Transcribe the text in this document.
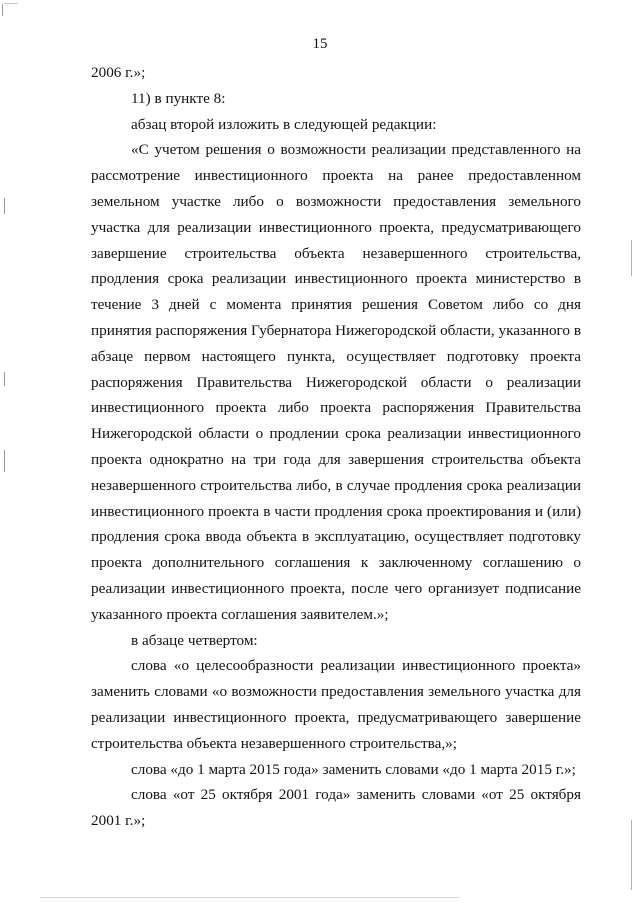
15

2006 г.»;

11) в пункте 8:

абзац второй изложить в следующей редакции:

«С учетом решения о возможности реализации представленного на рассмотрение инвестиционного проекта на ранее предоставленном земельном участке либо о возможности предоставления земельного участка для реализации инвестиционного проекта, предусматривающего завершение строительства объекта незавершенного строительства, продления срока реализации инвестиционного проекта министерство в течение 3 дней с момента принятия решения Советом либо со дня принятия распоряжения Губернатора Нижегородской области, указанного в абзаце первом настоящего пункта, осуществляет подготовку проекта распоряжения Правительства Нижегородской области о реализации инвестиционного проекта либо проекта распоряжения Правительства Нижегородской области о продлении срока реализации инвестиционного проекта однократно на три года для завершения строительства объекта незавершенного строительства либо, в случае продления срока реализации инвестиционного проекта в части продления срока проектирования и (или) продления срока ввода объекта в эксплуатацию, осуществляет подготовку проекта дополнительного соглашения к заключенному соглашению о реализации инвестиционного проекта, после чего организует подписание указанного проекта соглашения заявителем.»;

в абзаце четвертом:

слова «о целесообразности реализации инвестиционного проекта» заменить словами «о возможности предоставления земельного участка для реализации инвестиционного проекта, предусматривающего завершение строительства объекта незавершенного строительства,»;

слова «до 1 марта 2015 года» заменить словами «до 1 марта 2015 г.»;

слова «от 25 октября 2001 года» заменить словами «от 25 октября 2001 г.»;
